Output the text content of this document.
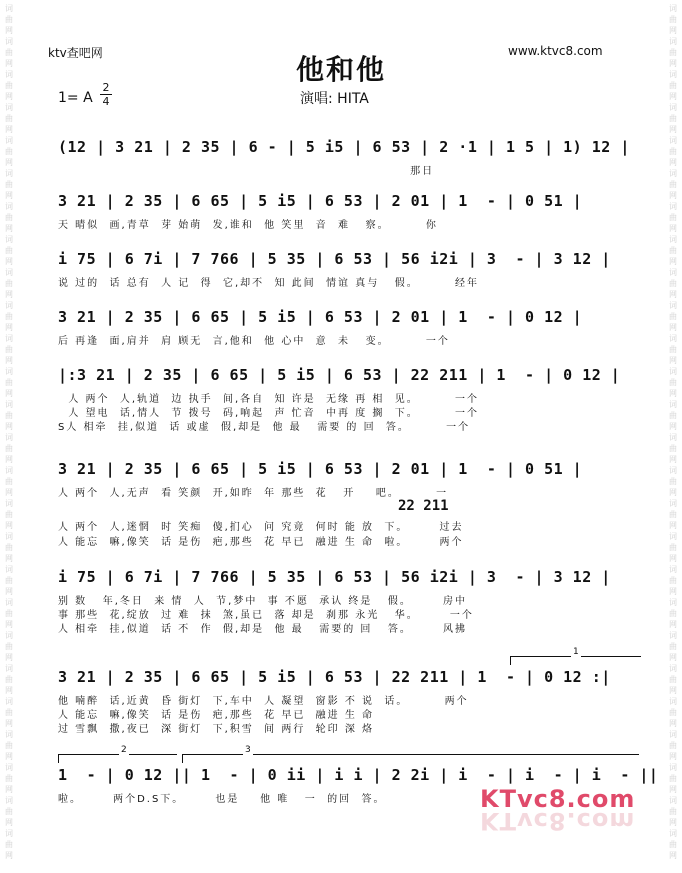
词
曲
网
词
曲
网
词
曲
网
词
曲
网
词
曲
网
词
曲
网
词
曲
网
词
曲
网
词
曲
网
词
曲
网
词
曲
网
词
曲
网
词
曲
网
词
曲
网
词
曲
网
词
曲
网
词
曲
网
词
曲
网
词
曲
网
词
曲
网
词
曲
网
词
曲
网
词
曲
网
词
曲
网
词
曲
网
词
曲
网
词
曲
网
词
曲
网
词
曲
网
词
曲
网
词
曲
网
词
曲
网
词
曲
网
词
曲
网
词
曲
网
词
曲
网
词
曲
网
词
曲
网
词
曲
网
词
曲
网
词
曲
网
词
曲
网
词
曲
网
词
曲
网
词
曲
网
词
曲
网
词
曲
网
词
曲
网
词
曲
网
词
曲
网
词
曲
网
词
曲
网
ktv查吧网	www.ktvc8.com
他和他
1= A
2
4	演唱: HITA
(12 | 3 21 | 2 35 | 6 - | 5 i5 | 6 53 | 2 ·1 | 1 5 | 1) 12 |
那日
3 21 | 2 35 | 6 65 | 5 i5 | 6 53 | 2 01 | 1  - | 0 51 |
天 晴似  画,青草  芽 始萌  发,谁和  他 笑里  音  难   察。       你
i 75 | 6 7i | 7 766 | 5 35 | 6 53 | 56 i2i | 3  - | 3 12 |
说 过的  话 总有  人 记  得  它,却不  知 此间  情谊 真与   假。       经年
3 21 | 2 35 | 6 65 | 5 i5 | 6 53 | 2 01 | 1  - | 0 12 |
后 再逢  面,肩并  肩 顾无  言,他和  他 心中  意  未   变。       一个
|:3 21 | 2 35 | 6 65 | 5 i5 | 6 53 | 22 211 | 1  - | 0 12 |
人 两个  人,轨道  边 执手  间,各自  知 许是  无缘 再 相  见。       一个
人 望电  话,情人  节 拨号  码,响起  声 忙音  中再 度 搁  下。       一个
S人 相牵  挂,似道  话 或虚  假,却是  他 最   需要 的 回  答。       一个
3 21 | 2 35 | 6 65 | 5 i5 | 6 53 | 2 01 | 1  - | 0 51 |
人 两个  人,无声  看 笑颜  开,如昨  年 那些  花   开    吧。       一
22 211
人 两个  人,迷惘  时 笑痴  傻,扪心  问 究竟  何时 能 放  下。      过去
人 能忘  嘛,像笑  话 是伤  疤,那些  花 早已  融进 生 命  啦。      两个
i 75 | 6 7i | 7 766 | 5 35 | 6 53 | 56 i2i | 3  - | 3 12 |
别 数   年,冬日  来 情  人  节,梦中  事 不愿  承认 终是   假。      房中
事 那些  花,绽放  过 难  抹  煞,虽已  落 却是  刹那 永光   华。      一个
人 相牵  挂,似道  话 不  作  假,却是  他 最   需要的 回   答。      风拂
1
3 21 | 2 35 | 6 65 | 5 i5 | 6 53 | 22 211 | 1  - | 0 12 :|
他 喃醉  话,近黄  昏 街灯  下,车中  人 凝望  窗影 不 说  话。       两个
人 能忘  嘛,像笑  话 是伤  疤,那些  花 早已  融进 生 命
过 雪飘  撒,夜已  深 街灯  下,积雪  间 两行  轮印 深 烙
2	3
1  - | 0 12 || 1  - | 0 ii | i i | 2 2i | i  - | i  - | i  - ||
啦。      两个D.S下。      也是    他 唯   一  的回  答。	KTvc8.com
KTvc8.com
